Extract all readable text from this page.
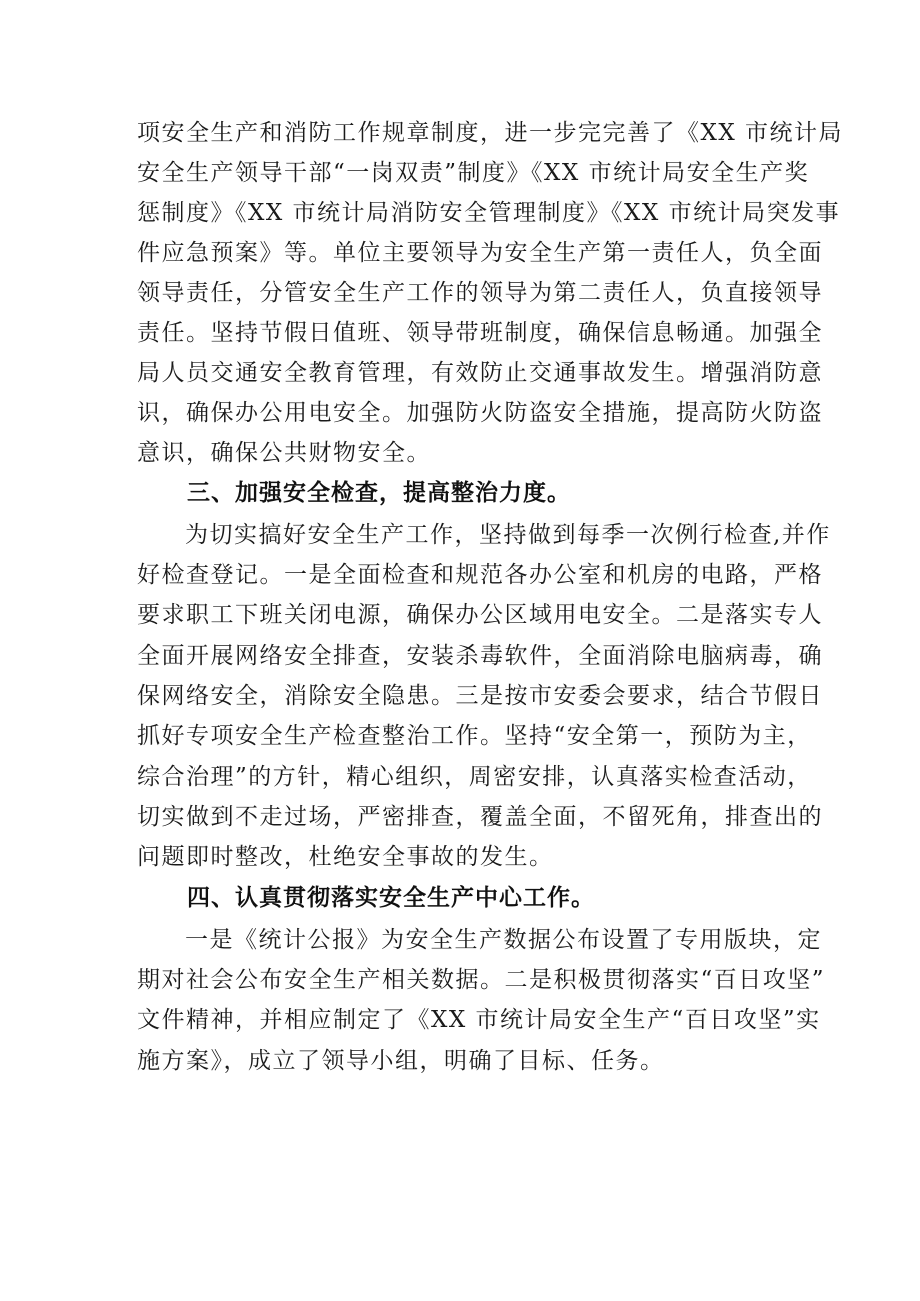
项安全生产和消防工作规章制度，进一步完完善了《XX 市统计局
安全生产领导干部“一岗双责”制度》《XX 市统计局安全生产奖
惩制度》《XX 市统计局消防安全管理制度》《XX 市统计局突发事
件应急预案》等。单位主要领导为安全生产第一责任人，负全面
领导责任，分管安全生产工作的领导为第二责任人，负直接领导
责任。坚持节假日值班、领导带班制度，确保信息畅通。加强全
局人员交通安全教育管理，有效防止交通事故发生。增强消防意
识，确保办公用电安全。加强防火防盗安全措施，提高防火防盗
意识，确保公共财物安全。
三、加强安全检查，提高整治力度。
为切实搞好安全生产工作，坚持做到每季一次例行检查,并作
好检查登记。一是全面检查和规范各办公室和机房的电路，严格
要求职工下班关闭电源，确保办公区域用电安全。二是落实专人
全面开展网络安全排查，安装杀毒软件，全面消除电脑病毒，确
保网络安全，消除安全隐患。三是按市安委会要求，结合节假日
抓好专项安全生产检查整治工作。坚持“安全第一，预防为主，
综合治理”的方针，精心组织，周密安排，认真落实检查活动，
切实做到不走过场，严密排查，覆盖全面，不留死角，排查出的
问题即时整改，杜绝安全事故的发生。
四、认真贯彻落实安全生产中心工作。
一是《统计公报》为安全生产数据公布设置了专用版块，定
期对社会公布安全生产相关数据。二是积极贯彻落实“百日攻坚”
文件精神，并相应制定了《XX 市统计局安全生产“百日攻坚”实
施方案》，成立了领导小组，明确了目标、任务。
